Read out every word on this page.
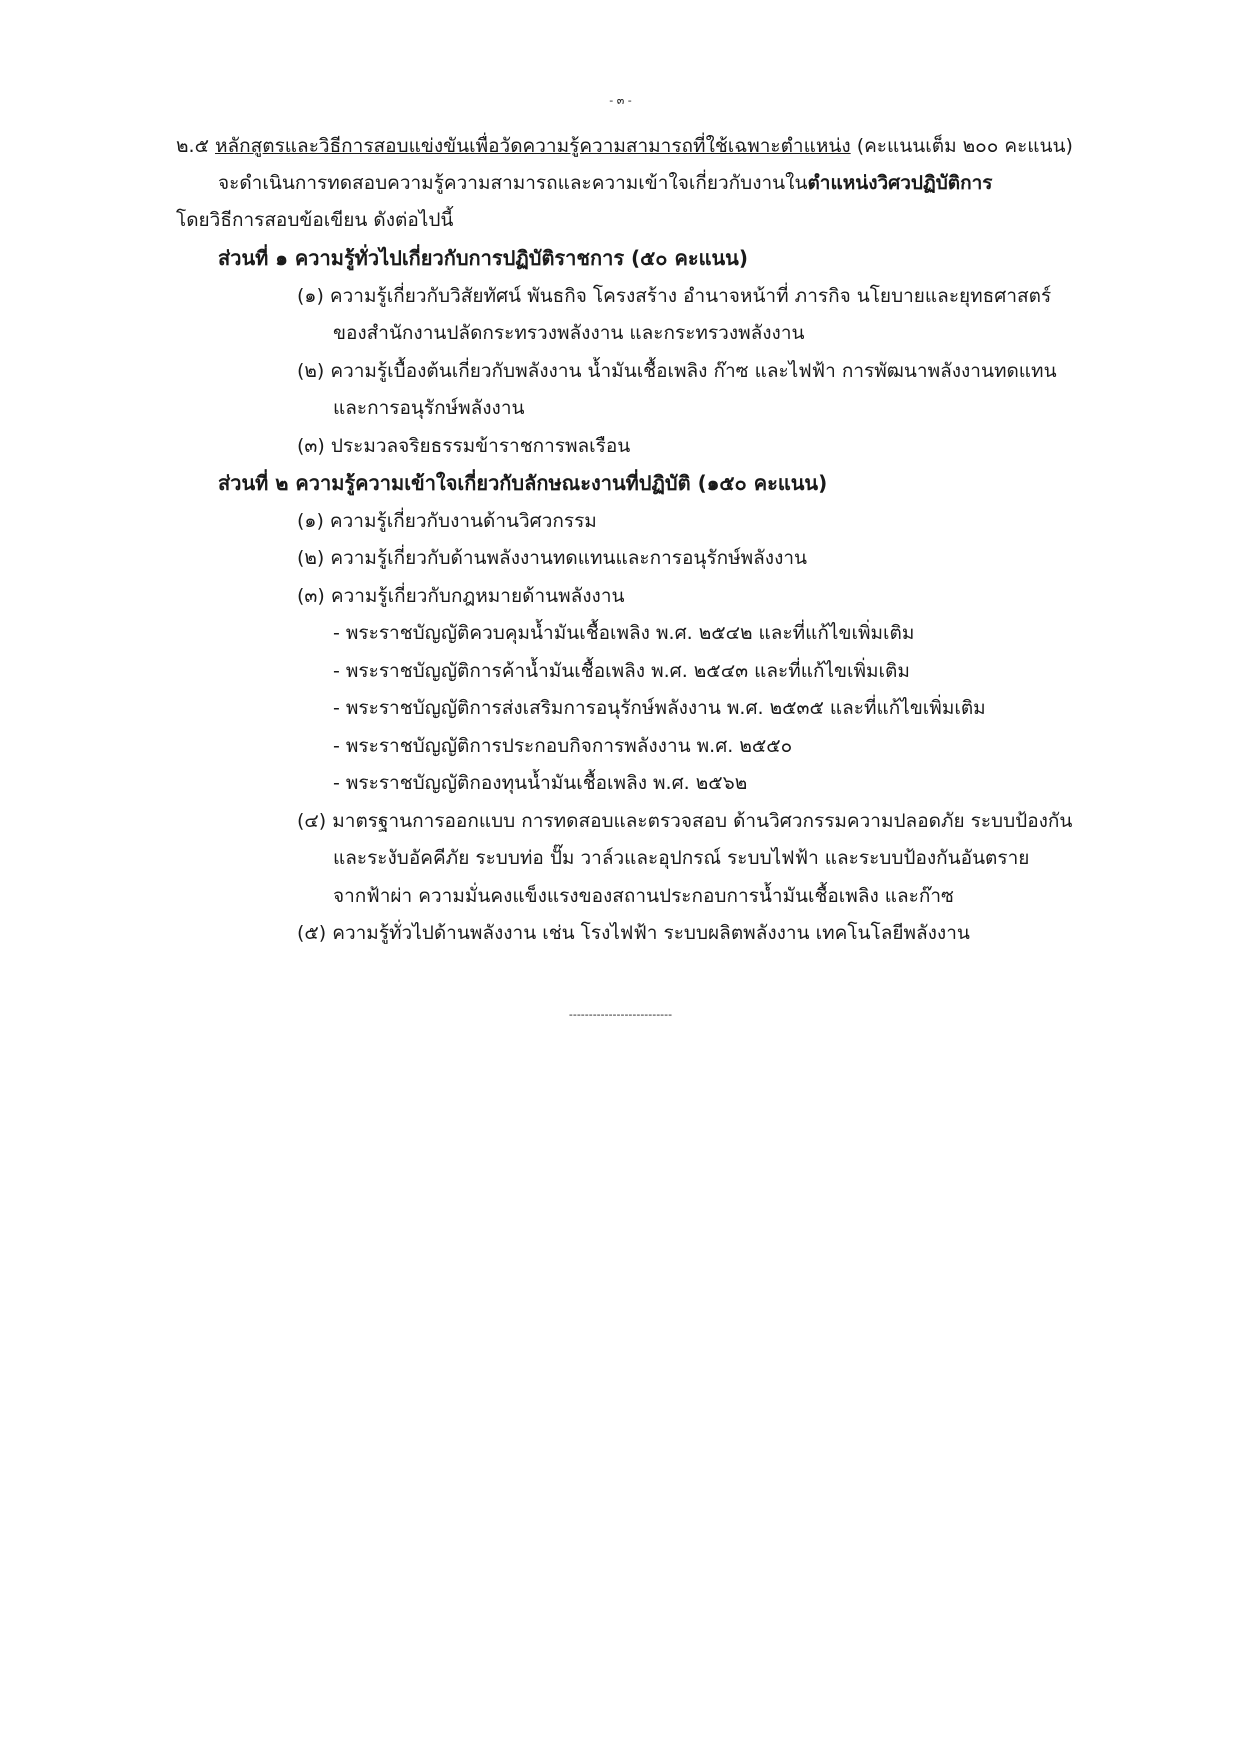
- ๓ -
๒.๕ หลักสูตรและวิธีการสอบแข่งขันเพื่อวัดความรู้ความสามารถที่ใช้เฉพาะตำแหน่ง (คะแนนเต็ม ๒๐๐ คะแนน)
จะดำเนินการทดสอบความรู้ความสามารถและความเข้าใจเกี่ยวกับงานในตำแหน่งวิศวปฏิบัติการ
โดยวิธีการสอบข้อเขียน ดังต่อไปนี้
ส่วนที่ ๑ ความรู้ทั่วไปเกี่ยวกับการปฏิบัติราชการ (๕๐ คะแนน)
(๑) ความรู้เกี่ยวกับวิสัยทัศน์ พันธกิจ โครงสร้าง อำนาจหน้าที่ ภารกิจ นโยบายและยุทธศาสตร์
ของสำนักงานปลัดกระทรวงพลังงาน และกระทรวงพลังงาน
(๒) ความรู้เบื้องต้นเกี่ยวกับพลังงาน น้ำมันเชื้อเพลิง ก๊าซ และไฟฟ้า การพัฒนาพลังงานทดแทน
และการอนุรักษ์พลังงาน
(๓) ประมวลจริยธรรมข้าราชการพลเรือน
ส่วนที่ ๒ ความรู้ความเข้าใจเกี่ยวกับลักษณะงานที่ปฏิบัติ (๑๕๐ คะแนน)
(๑) ความรู้เกี่ยวกับงานด้านวิศวกรรม
(๒) ความรู้เกี่ยวกับด้านพลังงานทดแทนและการอนุรักษ์พลังงาน
(๓) ความรู้เกี่ยวกับกฎหมายด้านพลังงาน
- พระราชบัญญัติควบคุมน้ำมันเชื้อเพลิง พ.ศ. ๒๕๔๒ และที่แก้ไขเพิ่มเติม
- พระราชบัญญัติการค้าน้ำมันเชื้อเพลิง พ.ศ. ๒๕๔๓ และที่แก้ไขเพิ่มเติม
- พระราชบัญญัติการส่งเสริมการอนุรักษ์พลังงาน พ.ศ. ๒๕๓๕ และที่แก้ไขเพิ่มเติม
- พระราชบัญญัติการประกอบกิจการพลังงาน พ.ศ. ๒๕๕๐
- พระราชบัญญัติกองทุนน้ำมันเชื้อเพลิง พ.ศ. ๒๕๖๒
(๔) มาตรฐานการออกแบบ การทดสอบและตรวจสอบ ด้านวิศวกรรมความปลอดภัย ระบบป้องกัน
และระงับอัคคีภัย ระบบท่อ ปั๊ม วาล์วและอุปกรณ์ ระบบไฟฟ้า และระบบป้องกันอันตราย
จากฟ้าผ่า ความมั่นคงแข็งแรงของสถานประกอบการน้ำมันเชื้อเพลิง และก๊าซ
(๕) ความรู้ทั่วไปด้านพลังงาน เช่น โรงไฟฟ้า ระบบผลิตพลังงาน เทคโนโลยีพลังงาน
--------------------------
